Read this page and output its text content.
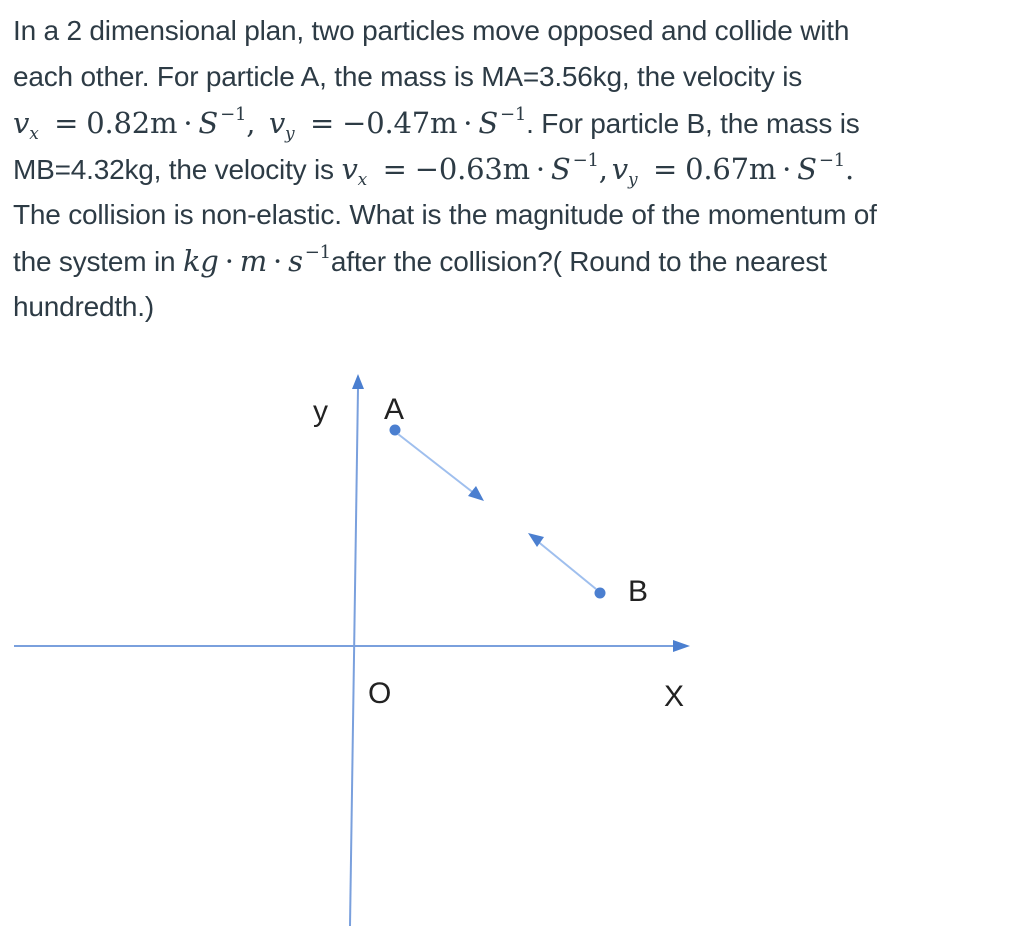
In a 2 dimensional plan, two particles move opposed and collide with
each other. For particle A, the mass is MA=3.56kg, the velocity is
$v_x = 0.82m \cdot S$ $^{-1}$, $v_y = -0.47m \cdot S$ $^{-1}$. For particle B, the mass is
MB=4.32kg, the velocity is $v_x = -0.63m \cdot S$ $^{-1}$, $v_y = 0.67m \cdot S$ $^{-1}$.
The collision is non-elastic. What is the magnitude of the momentum of
the system in kg · m · s $^{-1}$after the collision?( Round to the nearest
hundredth.)
y A
B
O	X
